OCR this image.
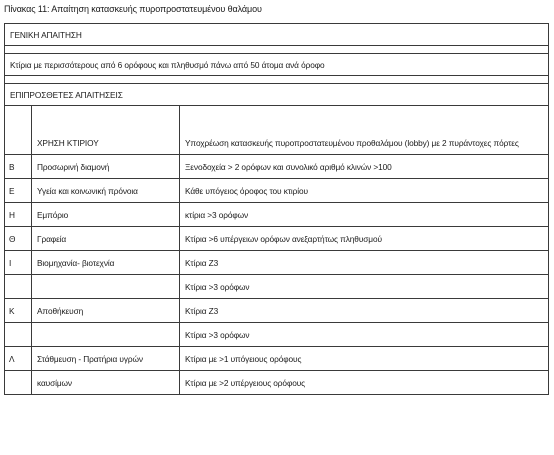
Πίνακας 11: Απαίτηση κατασκευής πυροπροστατευμένου θαλάμου
ΓΕΝΙΚΗ ΑΠΑΙΤΗΣΗ		

Κτίρια με περισσότερους από 6 ορόφους και πληθυσμό πάνω από 50 άτομα ανά όροφο		

ΕΠΙΠΡΟΣΘΕΤΕΣ ΑΠΑΙΤΗΣΕΙΣ		
	ΧΡΗΣΗ ΚΤΙΡΙΟΥ	Υποχρέωση κατασκευής πυροπροστατευμένου προθαλάμου (lobby) με 2 πυράντοχες πόρτες
Β	Προσωρινή διαμονή	Ξενοδοχεία > 2 ορόφων και συνολικό αριθμό κλινών >100
Ε	Υγεία και κοινωνική πρόνοια	Κάθε υπόγειος όροφος του κτιρίου
Η	Εμπόριο	κτίρια >3 ορόφων
Θ	Γραφεία	Κτίρια >6 υπέργειων ορόφων ανεξαρτήτως πληθυσμού
Ι	Βιομηχανία- βιοτεχνία	Κτίρια Ζ3
		Κτίρια >3 ορόφων
Κ	Αποθήκευση	Κτίρια Ζ3
		Κτίρια >3 ορόφων
Λ	Στάθμευση - Πρατήρια υγρών	Κτίρια με >1 υπόγειους ορόφους
	καυσίμων	Κτίρια με >2 υπέργειους ορόφους
